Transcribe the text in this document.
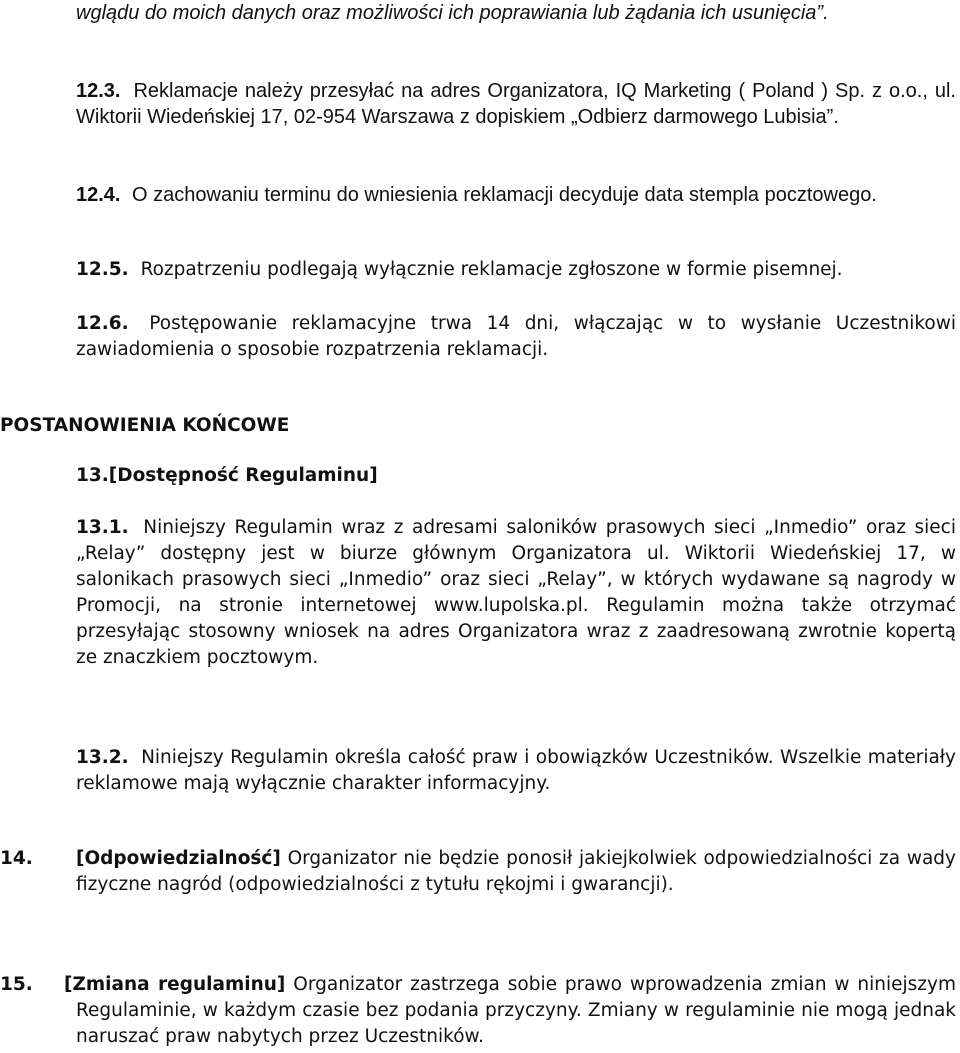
wglądu do moich danych oraz możliwości ich poprawiania lub żądania ich usunięcia”.
12.3. Reklamacje należy przesyłać na adres Organizatora, IQ Marketing ( Poland ) Sp. z o.o., ul. Wiktorii Wiedeńskiej 17, 02-954 Warszawa z dopiskiem „Odbierz darmowego Lubisia”.
12.4. O zachowaniu terminu do wniesienia reklamacji decyduje data stempla pocztowego.
12.5. Rozpatrzeniu podlegają wyłącznie reklamacje zgłoszone w formie pisemnej.
12.6. Postępowanie reklamacyjne trwa 14 dni, włączając w to wysłanie Uczestnikowi zawiadomienia o sposobie rozpatrzenia reklamacji.
POSTANOWIENIA KOŃCOWE
13.[Dostępność Regulaminu]
13.1. Niniejszy Regulamin wraz z adresami saloników prasowych sieci „Inmedio” oraz sieci „Relay” dostępny jest w biurze głównym Organizatora ul. Wiktorii Wiedeńskiej 17, w salonikach prasowych sieci „Inmedio” oraz sieci „Relay”, w których wydawane są nagrody w Promocji, na stronie internetowej www.lupolska.pl. Regulamin można także otrzymać przesyłając stosowny wniosek na adres Organizatora wraz z zaadresowaną zwrotnie kopertą ze znaczkiem pocztowym.
13.2. Niniejszy Regulamin określa całość praw i obowiązków Uczestników. Wszelkie materiały reklamowe mają wyłącznie charakter informacyjny.
14. [Odpowiedzialność] Organizator nie będzie ponosił jakiejkolwiek odpowiedzialności za wady fizyczne nagród (odpowiedzialności z tytułu rękojmi i gwarancji).
15. [Zmiana regulaminu] Organizator zastrzega sobie prawo wprowadzenia zmian w niniejszym Regulaminie, w każdym czasie bez podania przyczyny. Zmiany w regulaminie nie mogą jednak naruszać praw nabytych przez Uczestników.
